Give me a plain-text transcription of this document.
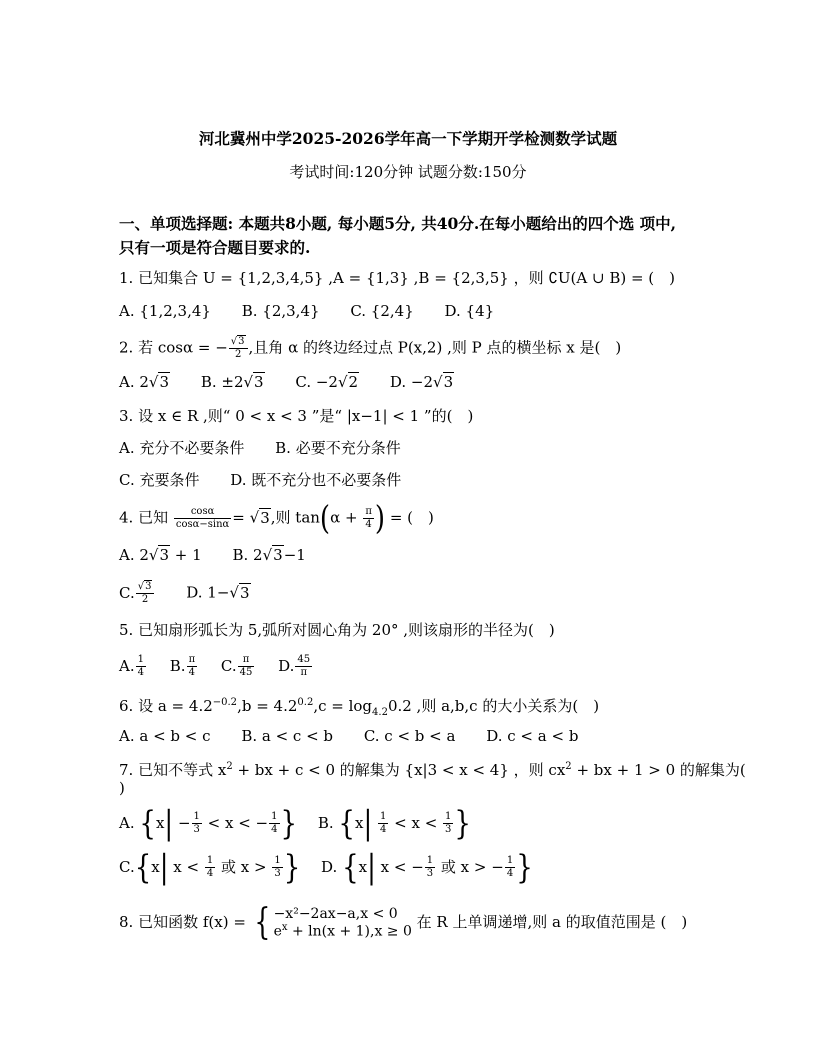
河北冀州中学2025-2026学年高一下学期开学检测数学试题
考试时间:120分钟 试题分数:150分
一、单项选择题: 本题共8小题, 每小题5分, 共40分.在每小题给出的四个选 项中,
只有一项是符合题目要求的.
1. 已知集合 U = {1,2,3,4,5} ,A = {1,3} ,B = {2,3,5} ，则 ∁U(A ∪ B) = (　)
A. {1,2,3,4} B. {2,3,4} C. {2,4} D. {4}
2. 若 cosα = − $\frac{√3}{2}$ ,且角 α 的终边经过点 P(x,2) ,则 P 点的横坐标 x 是(　)
A. 2√3 B. ±2√3 C. −2√2 D. −2√3
3. 设 x ∈ R ,则“ 0 < x < 3 ”是“ |x−1| < 1 ”的(　)
A. 充分不必要条件 B. 必要不充分条件
C. 充要条件 D. 既不充分也不必要条件
4. 已知 $\frac{\cos\alpha}{\cos\alpha-\sin\alpha} = √3$,则 $\tan(\alpha + \frac{\pi}{4}$ ) = (　)
A. 2√3 + 1 B. 2√3−1
C. $\frac{√3}{2} D$. 1−√3
5. 已知扇形弧长为 5,弧所对圆心角为 20° ,则该扇形的半径为(　)
A. $\frac{1}{4} B$. $\frac{\pi}{4} C$. $\frac{\pi}{45} D$. $\frac{45}{\pi}$
6. 设 $a = 4.2^{-0.2},b = 4.2^{0.2},c = \log_{4.2}0.2$ ,则 a,b,c 的大小关系为(　)
A. a < b < c B. a < c < b C. c < b < a D. c < a < b
7. 已知不等式 $x^2$ + bx + c < 0 的解集为 {x|3 < x < 4} ，则 $cx^2$ + bx + 1 > 0 的解集为(
)
A. {$x| - \frac{1}{3} < x$ < − $\frac{1}{4}$ } B. {$x| \frac{1}{4} < x < \frac{1}{3}$ }
C.{x| $x < \frac{1}{4}$ 或 $x > \frac{1}{3}$ } D. {x| x < − $\frac{1}{3}$ 或 x > − $\frac{1}{4}$ }
8. 已知函数 f(x) = { −x²−2ax−a,x < 0
$e^x + \ln(x + 1),x \ge 0$
在 R 上单调递增,则 a 的取值范围是 (　)
